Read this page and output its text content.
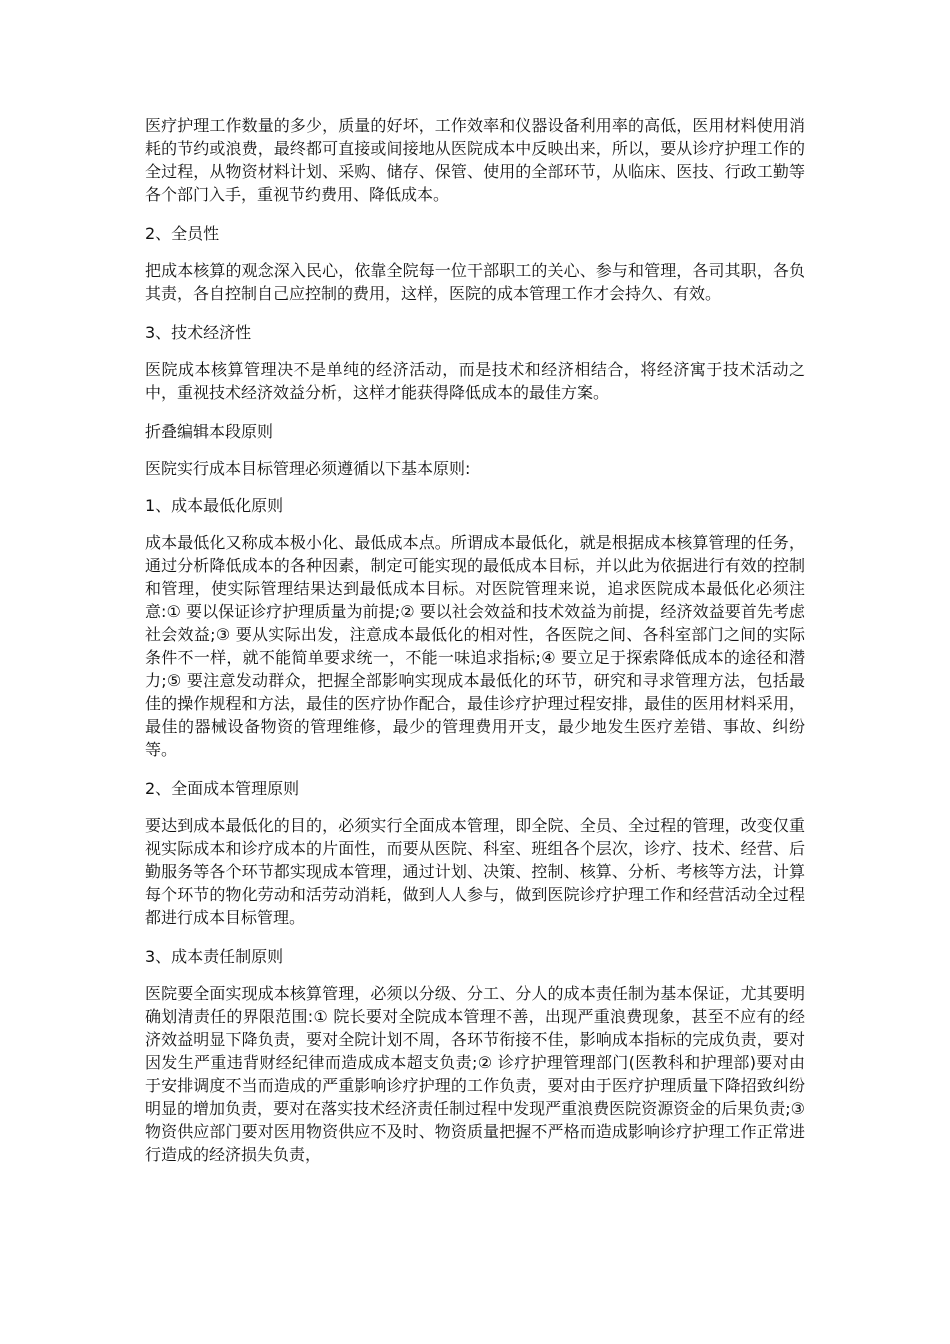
医疗护理工作数量的多少，质量的好坏，工作效率和仪器设备利用率的高低，医用材料使用消耗的节约或浪费，最终都可直接或间接地从医院成本中反映出来，所以，要从诊疗护理工作的全过程，从物资材料计划、采购、储存、保管、使用的全部环节，从临床、医技、行政工勤等各个部门入手，重视节约费用、降低成本。

2、全员性

把成本核算的观念深入民心，依靠全院每一位干部职工的关心、参与和管理，各司其职，各负其责，各自控制自己应控制的费用，这样，医院的成本管理工作才会持久、有效。

3、技术经济性

医院成本核算管理决不是单纯的经济活动，而是技术和经济相结合，将经济寓于技术活动之中，重视技术经济效益分析，这样才能获得降低成本的最佳方案。

折叠编辑本段原则

医院实行成本目标管理必须遵循以下基本原则:

1、成本最低化原则

成本最低化又称成本极小化、最低成本点。所谓成本最低化，就是根据成本核算管理的任务，通过分析降低成本的各种因素，制定可能实现的最低成本目标，并以此为依据进行有效的控制和管理，使实际管理结果达到最低成本目标。对医院管理来说，追求医院成本最低化必须注意:① 要以保证诊疗护理质量为前提;② 要以社会效益和技术效益为前提，经济效益要首先考虑社会效益;③ 要从实际出发，注意成本最低化的相对性，各医院之间、各科室部门之间的实际条件不一样，就不能简单要求统一，不能一味追求指标;④ 要立足于探索降低成本的途径和潜力;⑤ 要注意发动群众，把握全部影响实现成本最低化的环节，研究和寻求管理方法，包括最佳的操作规程和方法，最佳的医疗协作配合，最佳诊疗护理过程安排，最佳的医用材料采用，最佳的器械设备物资的管理维修，最少的管理费用开支，最少地发生医疗差错、事故、纠纷等。

2、全面成本管理原则

要达到成本最低化的目的，必须实行全面成本管理，即全院、全员、全过程的管理，改变仅重视实际成本和诊疗成本的片面性，而要从医院、科室、班组各个层次，诊疗、技术、经营、后勤服务等各个环节都实现成本管理，通过计划、决策、控制、核算、分析、考核等方法，计算每个环节的物化劳动和活劳动消耗，做到人人参与，做到医院诊疗护理工作和经营活动全过程都进行成本目标管理。

3、成本责任制原则

医院要全面实现成本核算管理，必须以分级、分工、分人的成本责任制为基本保证，尤其要明确划清责任的界限范围:① 院长要对全院成本管理不善，出现严重浪费现象，甚至不应有的经济效益明显下降负责，要对全院计划不周，各环节衔接不佳，影响成本指标的完成负责，要对因发生严重违背财经纪律而造成成本超支负责;② 诊疗护理管理部门(医教科和护理部)要对由于安排调度不当而造成的严重影响诊疗护理的工作负责，要对由于医疗护理质量下降招致纠纷明显的增加负责，要对在落实技术经济责任制过程中发现严重浪费医院资源资金的后果负责;③ 物资供应部门要对医用物资供应不及时、物资质量把握不严格而造成影响诊疗护理工作正常进行造成的经济损失负责，
